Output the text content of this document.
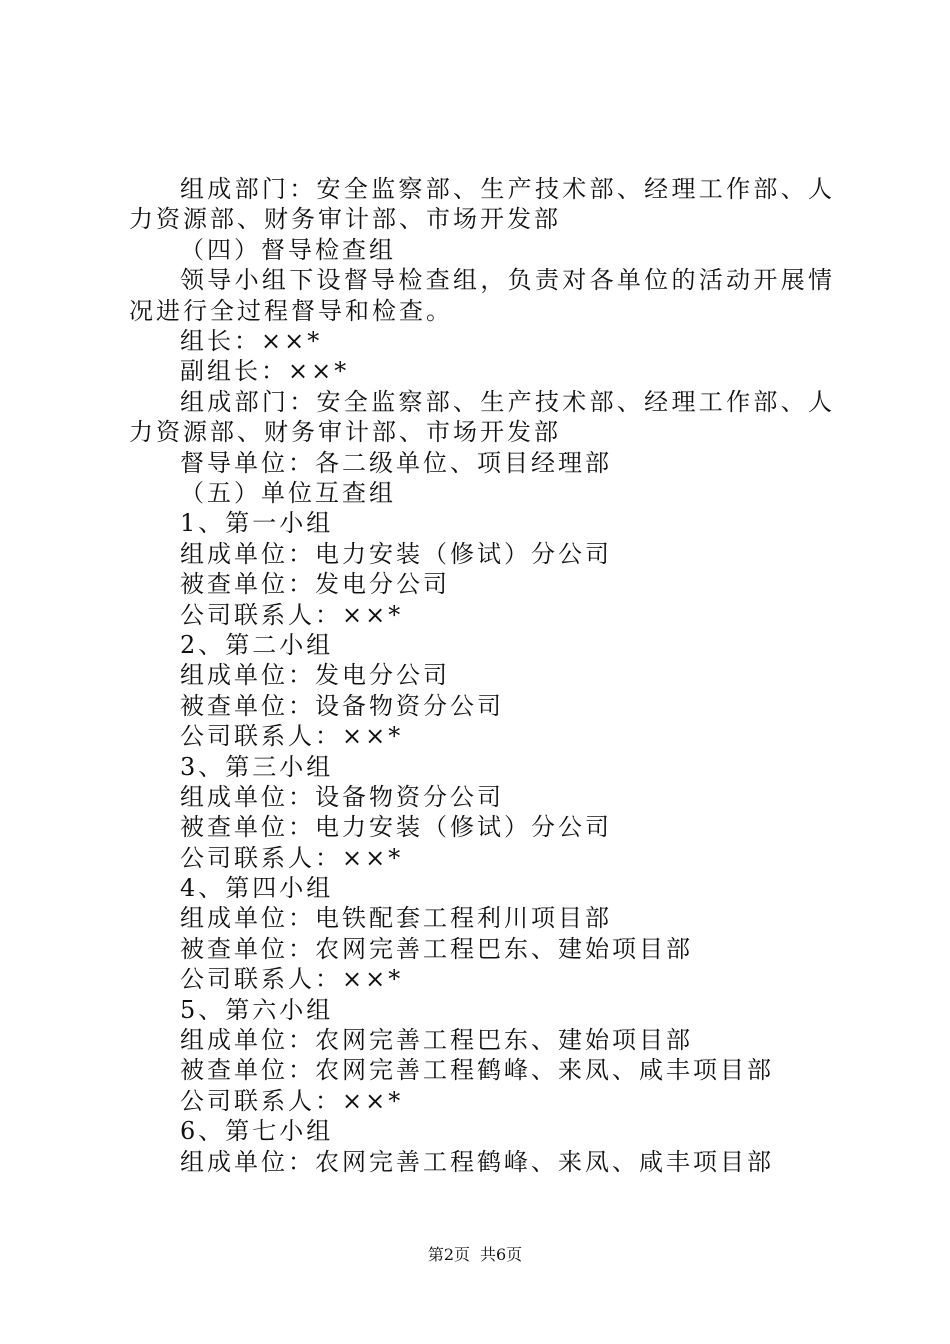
组成部门：安全监察部、生产技术部、经理工作部、人力资源部、财务审计部、市场开发部
（四）督导检查组
领导小组下设督导检查组，负责对各单位的活动开展情况进行全过程督导和检查。
组长：××*
副组长：××*
组成部门：安全监察部、生产技术部、经理工作部、人力资源部、财务审计部、市场开发部
督导单位：各二级单位、项目经理部
（五）单位互查组
1、第一小组
组成单位：电力安装（修试）分公司
被查单位：发电分公司
公司联系人：××*
2、第二小组
组成单位：发电分公司
被查单位：设备物资分公司
公司联系人：××*
3、第三小组
组成单位：设备物资分公司
被查单位：电力安装（修试）分公司
公司联系人：××*
4、第四小组
组成单位：电铁配套工程利川项目部
被查单位：农网完善工程巴东、建始项目部
公司联系人：××*
5、第六小组
组成单位：农网完善工程巴东、建始项目部
被查单位：农网完善工程鹤峰、来凤、咸丰项目部
公司联系人：××*
6、第七小组
组成单位：农网完善工程鹤峰、来凤、咸丰项目部
第2页 共6页
